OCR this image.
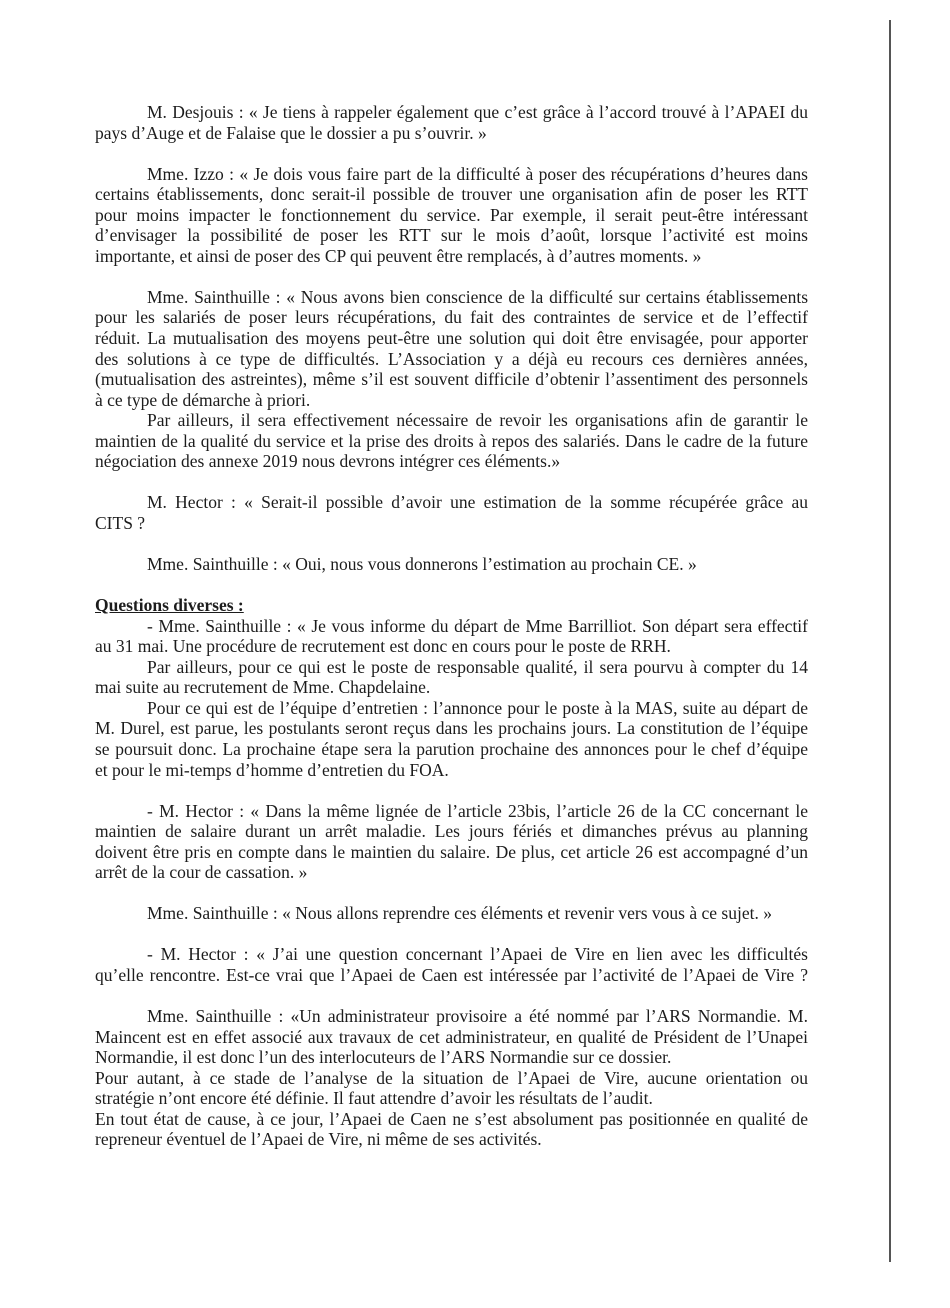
M. Desjouis : « Je tiens à rappeler également que c’est grâce à l’accord trouvé à l’APAEI du
pays d’Auge et de Falaise que le dossier a pu s’ouvrir. »
Mme. Izzo : « Je dois vous faire part de la difficulté à poser des récupérations d’heures dans
certains établissements, donc serait-il possible de trouver une organisation afin de poser les RTT
pour moins impacter le fonctionnement du service. Par exemple, il serait peut-être intéressant
d’envisager la possibilité de poser les RTT sur le mois d’août, lorsque l’activité est moins
importante, et ainsi de poser des CP qui peuvent être remplacés, à d’autres moments. »
Mme. Sainthuille : « Nous avons bien conscience de la difficulté sur certains établissements
pour les salariés de poser leurs récupérations, du fait des contraintes de service et de l’effectif
réduit. La mutualisation des moyens peut-être une solution qui doit être envisagée, pour apporter
des solutions à ce type de difficultés. L’Association y a déjà eu recours ces dernières années,
(mutualisation des astreintes), même s’il est souvent difficile d’obtenir l’assentiment des personnels
à ce type de démarche à priori.
Par ailleurs, il sera effectivement nécessaire de revoir les organisations afin de garantir le
maintien de la qualité du service et la prise des droits à repos des salariés. Dans le cadre de la future
négociation des annexe 2019 nous devrons intégrer ces éléments.»
M. Hector : « Serait-il possible d’avoir une estimation de la somme récupérée grâce au
CITS ?
Mme. Sainthuille : « Oui, nous vous donnerons l’estimation au prochain CE. »
Questions diverses :
- Mme. Sainthuille : « Je vous informe du départ de Mme Barrilliot. Son départ sera effectif
au 31 mai. Une procédure de recrutement est donc en cours pour le poste de RRH.
Par ailleurs, pour ce qui est le poste de responsable qualité, il sera pourvu à compter du 14
mai suite au recrutement de Mme. Chapdelaine.
Pour ce qui est de l’équipe d’entretien : l’annonce pour le poste à la MAS, suite au départ de
M. Durel, est parue, les postulants seront reçus dans les prochains jours. La constitution de l’équipe
se poursuit donc. La prochaine étape sera la parution prochaine des annonces pour le chef d’équipe
et pour le mi-temps d’homme d’entretien du FOA.
- M. Hector : « Dans la même lignée de l’article 23bis, l’article 26 de la CC concernant le
maintien de salaire durant un arrêt maladie. Les jours fériés et dimanches prévus au planning
doivent être pris en compte dans le maintien du salaire. De plus, cet article 26 est accompagné d’un
arrêt de la cour de cassation. »
Mme. Sainthuille : « Nous allons reprendre ces éléments et revenir vers vous à ce sujet. »
- M. Hector : « J’ai une question concernant l’Apaei de Vire en lien avec les difficultés
qu’elle rencontre. Est-ce vrai que l’Apaei de Caen est intéressée par l’activité de l’Apaei de Vire ?
Mme. Sainthuille : «Un administrateur provisoire a été nommé par l’ARS Normandie. M.
Maincent est en effet associé aux travaux de cet administrateur, en qualité de Président de l’Unapei
Normandie, il est donc l’un des interlocuteurs de l’ARS Normandie sur ce dossier.
Pour autant, à ce stade de l’analyse de la situation de l’Apaei de Vire, aucune orientation ou
stratégie n’ont encore été définie. Il faut attendre d’avoir les résultats de l’audit.
En tout état de cause, à ce jour, l’Apaei de Caen ne s’est absolument pas positionnée en qualité de
repreneur éventuel de l’Apaei de Vire, ni même de ses activités.
